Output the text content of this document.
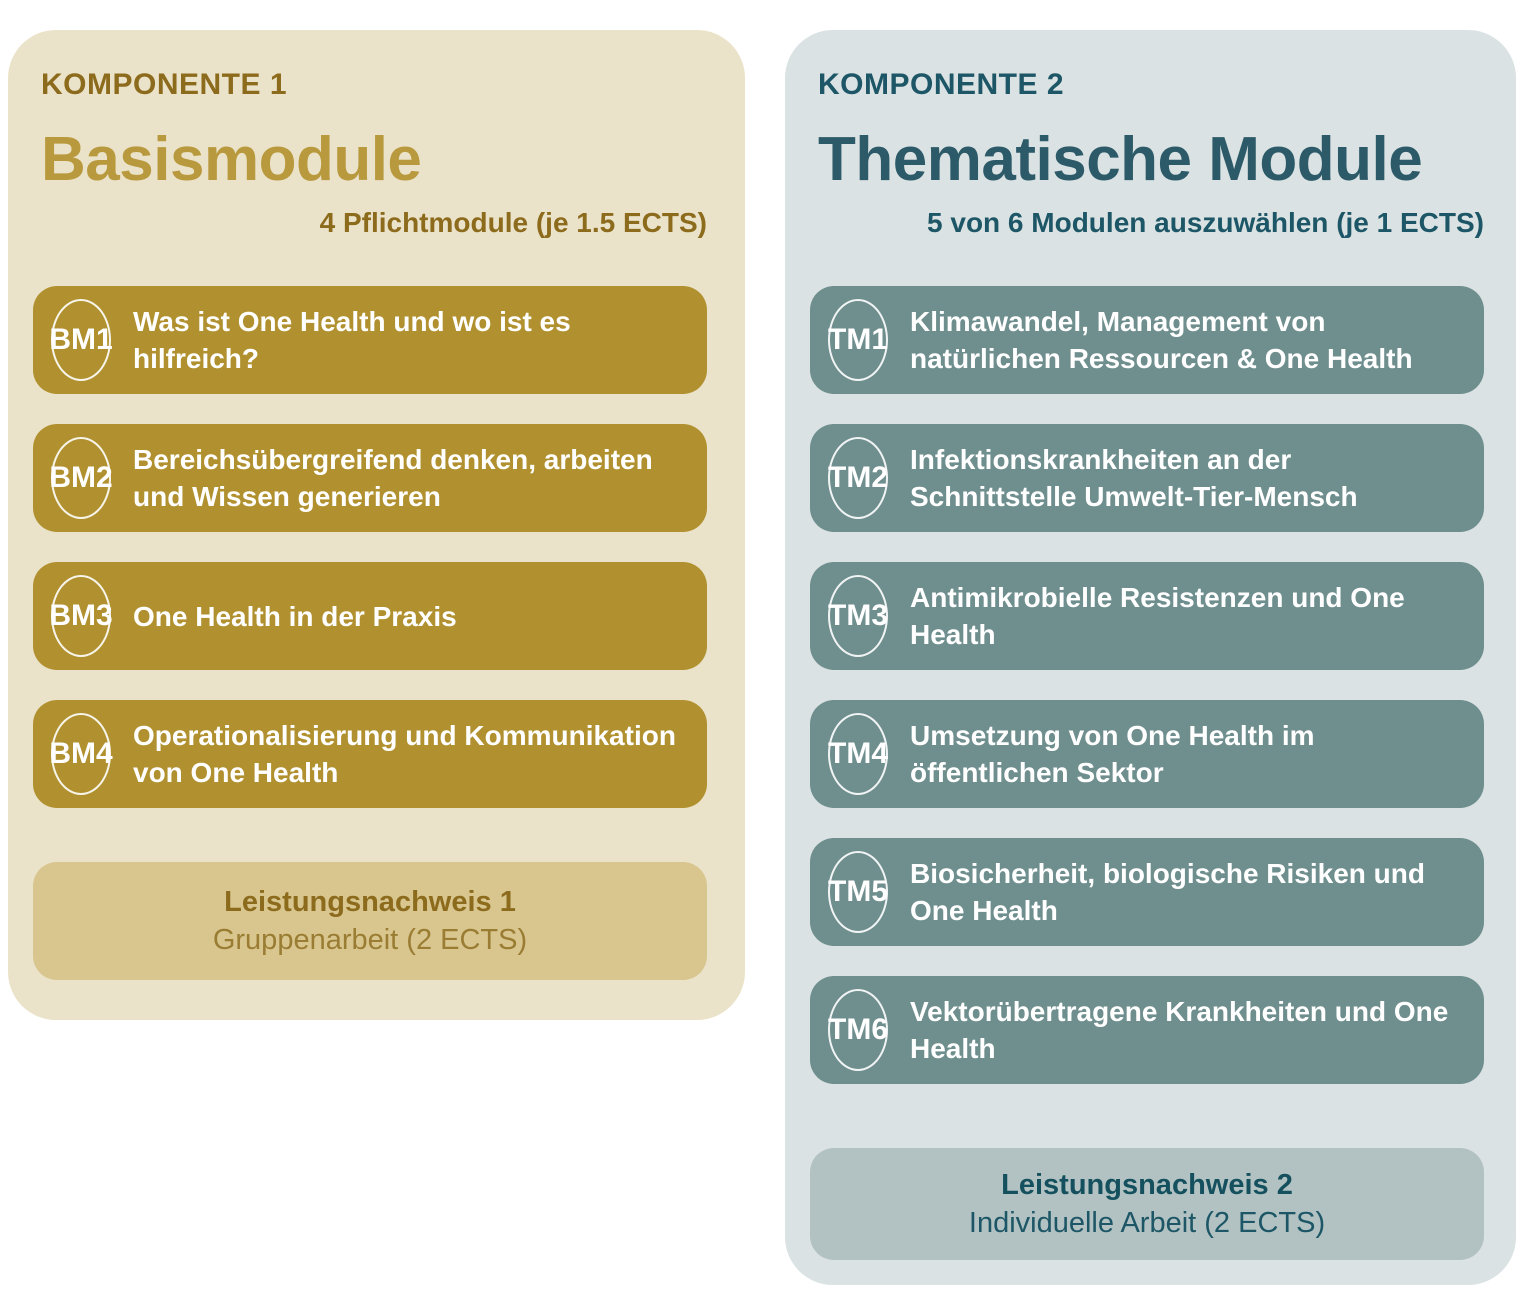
KOMPONENTE 1
Basismodule
4 Pflichtmodule (je 1.5 ECTS)
BM1
Was ist One Health und wo ist es hilfreich?
BM2
Bereichsübergreifend denken, arbeiten und Wissen generieren
BM3 One Health in der Praxis
BM4
Operationalisierung und Kommunikation von One Health
Leistungsnachweis 1
Gruppenarbeit (2 ECTS)
KOMPONENTE 2
Thematische Module
5 von 6 Modulen auszuwählen (je 1 ECTS)
TM1
Klimawandel, Management von natürlichen Ressourcen & One Health
TM2
Infektionskrankheiten an der Schnittstelle Umwelt-Tier-Mensch
TM3
Antimikrobielle Resistenzen und One Health
TM4
Umsetzung von One Health im öffentlichen Sektor
TM5
Biosicherheit, biologische Risiken und One Health
TM6
Vektorübertragene Krankheiten und One Health
Leistungsnachweis 2
Individuelle Arbeit (2 ECTS)
